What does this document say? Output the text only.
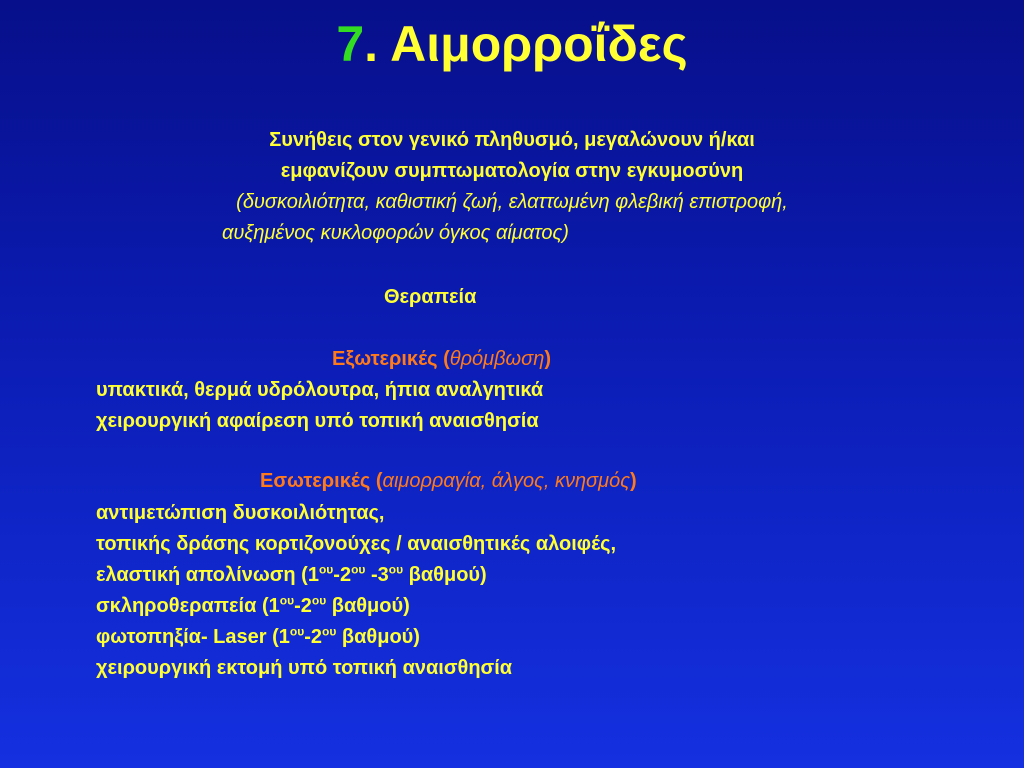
7. Αιμορροΐδες
Συνήθεις στον γενικό πληθυσμό, μεγαλώνουν ή/και
εμφανίζουν συμπτωματολογία στην εγκυμοσύνη
(δυσκοιλιότητα, καθιστική ζωή, ελαττωμένη φλεβική επιστροφή,
αυξημένος κυκλοφορών όγκος αίματος)
Θεραπεία
Εξωτερικές (θρόμβωση)
υπακτικά, θερμά υδρόλουτρα, ήπια αναλγητικά
χειρουργική αφαίρεση υπό τοπική αναισθησία
Εσωτερικές (αιμορραγία, άλγος, κνησμός)
αντιμετώπιση δυσκοιλιότητας,
τοπικής δράσης κορτιζονούχες / αναισθητικές αλοιφές,
ελαστική απολίνωση ($1^{o\upsilon}-2^{o\upsilon}$ $-3^{o\upsilon}$ βαθμού)
σκληροθεραπεία ($1^{o\upsilon}-2^{o\upsilon}$ βαθμού)
φωτοπηξία- Laser ($1^{o\upsilon}-2^{o\upsilon}$ βαθμού)
χειρουργική εκτομή υπό τοπική αναισθησία
